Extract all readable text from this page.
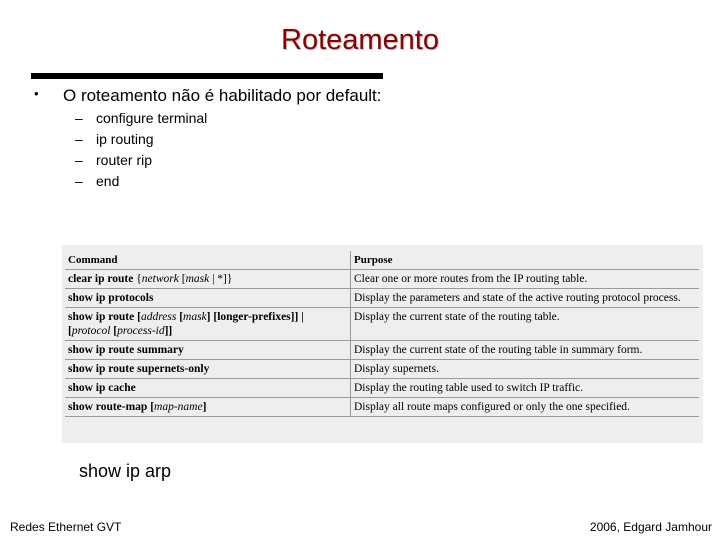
Roteamento
• O roteamento não é habilitado por default:
– configure terminal
– ip routing
– router rip
– end
Command	Purpose
clear ip route {network [mask | *]}	Clear one or more routes from the IP routing table.
show ip protocols	Display the parameters and state of the active routing protocol process.
show ip route [address [mask] [longer-prefixes]] | [protocol [process-id]]	Display the current state of the routing table.
show ip route summary	Display the current state of the routing table in summary form.
show ip route supernets-only	Display supernets.
show ip cache	Display the routing table used to switch IP traffic.
show route-map [map-name]	Display all route maps configured or only the one specified.
show ip arp
Redes Ethernet GVT	2006, Edgard Jamhour
